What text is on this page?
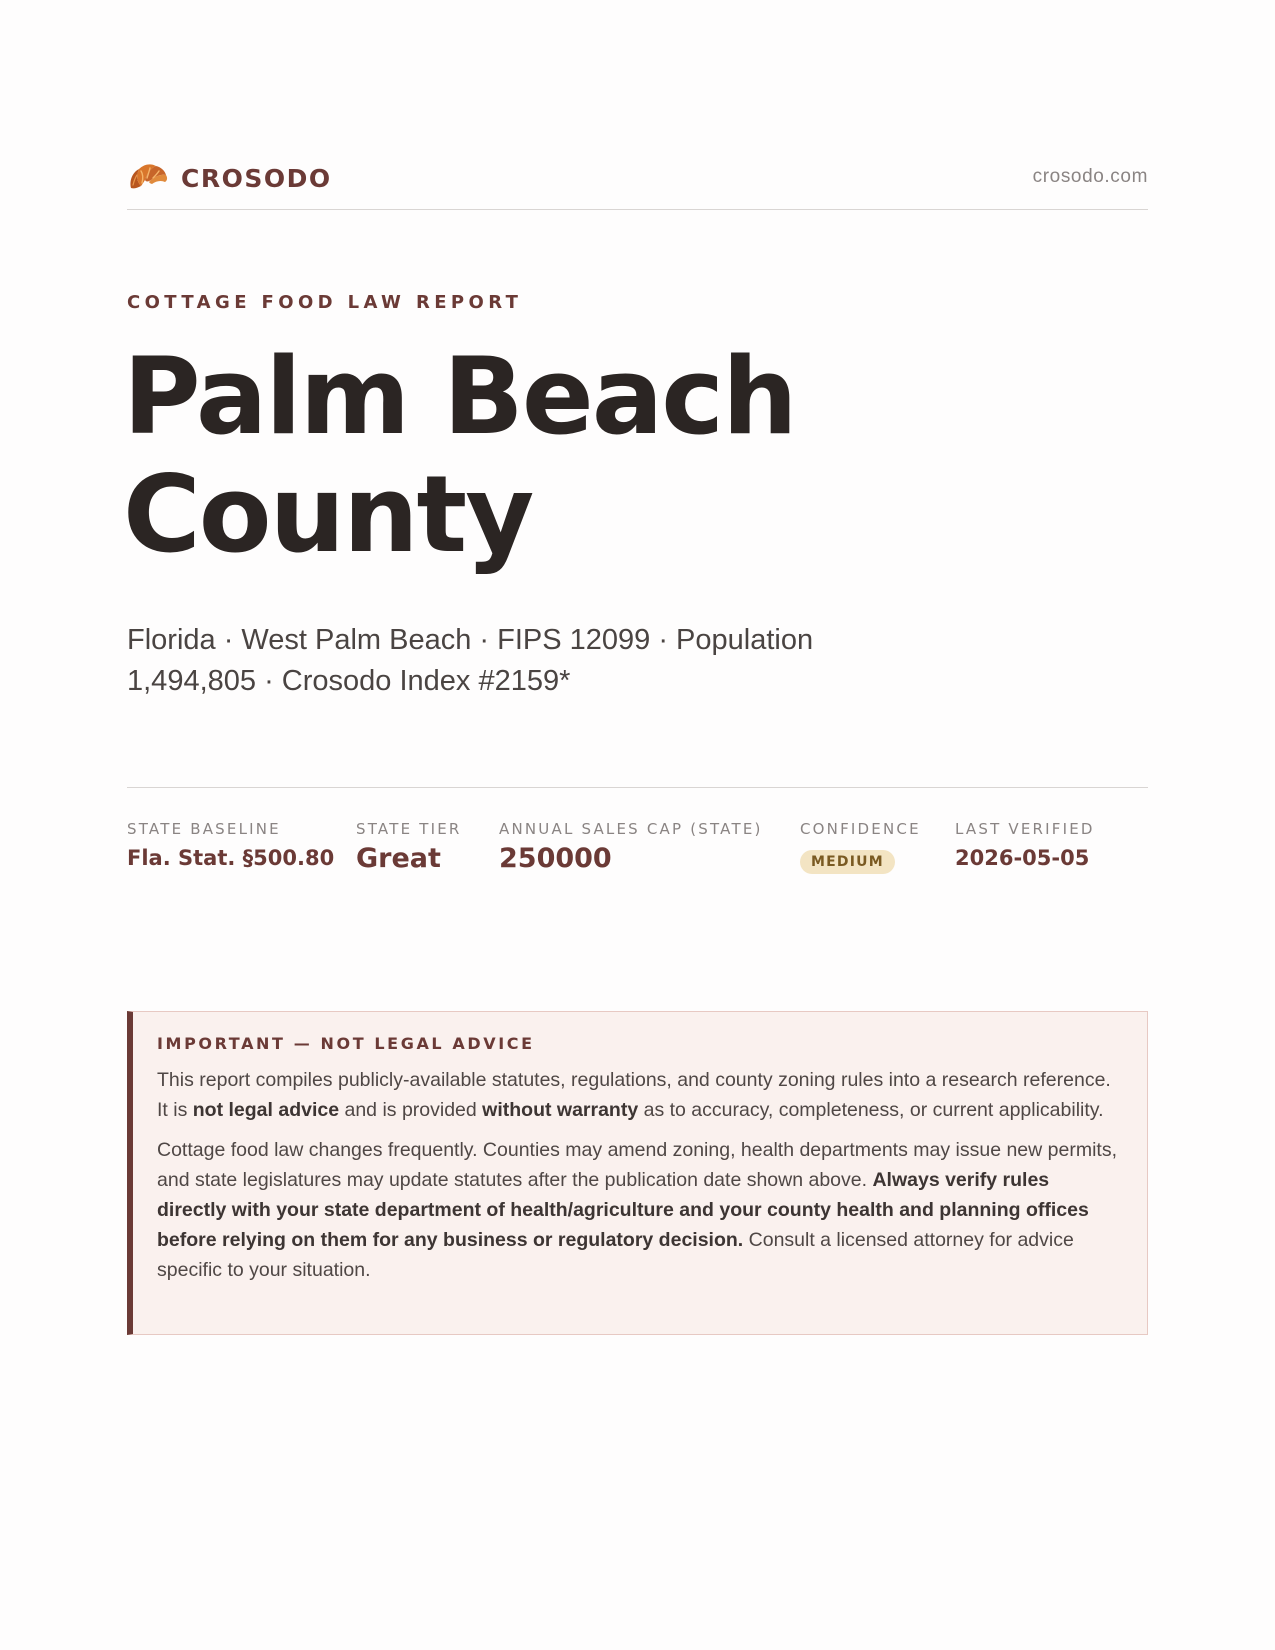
CROSODO	crosodo.com
COTTAGE FOOD LAW REPORT
Palm Beach
County
Florida · West Palm Beach · FIPS 12099 · Population 1,494,805 · Crosodo Index #2159*
STATE BASELINE
Fla. Stat. §500.80
STATE TIER
Great
ANNUAL SALES CAP (STATE)
250000
CONFIDENCE
MEDIUM
LAST VERIFIED
2026-05-05
IMPORTANT — NOT LEGAL ADVICE

This report compiles publicly-available statutes, regulations, and county zoning rules into a research reference. It is not legal advice and is provided without warranty as to accuracy, completeness, or current applicability.

Cottage food law changes frequently. Counties may amend zoning, health departments may issue new permits, and state legislatures may update statutes after the publication date shown above. Always verify rules directly with your state department of health/agriculture and your county health and planning offices before relying on them for any business or regulatory decision. Consult a licensed attorney for advice specific to your situation.
